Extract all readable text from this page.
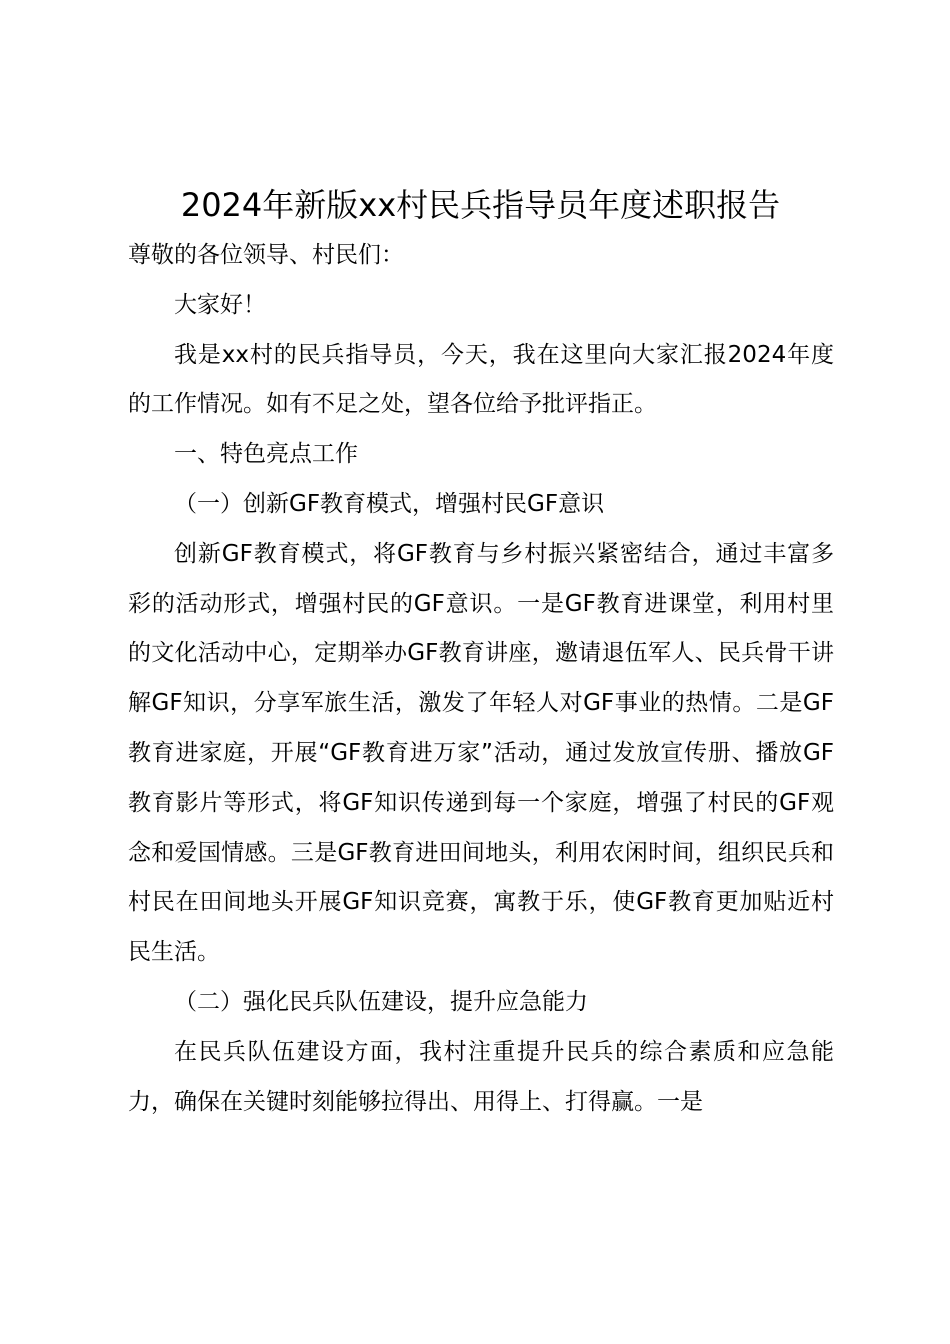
2024年新版xx村民兵指导员年度述职报告

尊敬的各位领导、村民们：

大家好！

我是xx村的民兵指导员，今天，我在这里向大家汇报2024年度的工作情况。如有不足之处，望各位给予批评指正。

一、特色亮点工作

（一）创新GF教育模式，增强村民GF意识

创新GF教育模式，将GF教育与乡村振兴紧密结合，通过丰富多彩的活动形式，增强村民的GF意识。一是GF教育进课堂，利用村里的文化活动中心，定期举办GF教育讲座，邀请退伍军人、民兵骨干讲解GF知识，分享军旅生活，激发了年轻人对GF事业的热情。二是GF教育进家庭，开展“GF教育进万家”活动，通过发放宣传册、播放GF教育影片等形式，将GF知识传递到每一个家庭，增强了村民的GF观念和爱国情感。三是GF教育进田间地头，利用农闲时间，组织民兵和村民在田间地头开展GF知识竞赛，寓教于乐，使GF教育更加贴近村民生活。

（二）强化民兵队伍建设，提升应急能力

在民兵队伍建设方面，我村注重提升民兵的综合素质和应急能力，确保在关键时刻能够拉得出、用得上、打得赢。一是
